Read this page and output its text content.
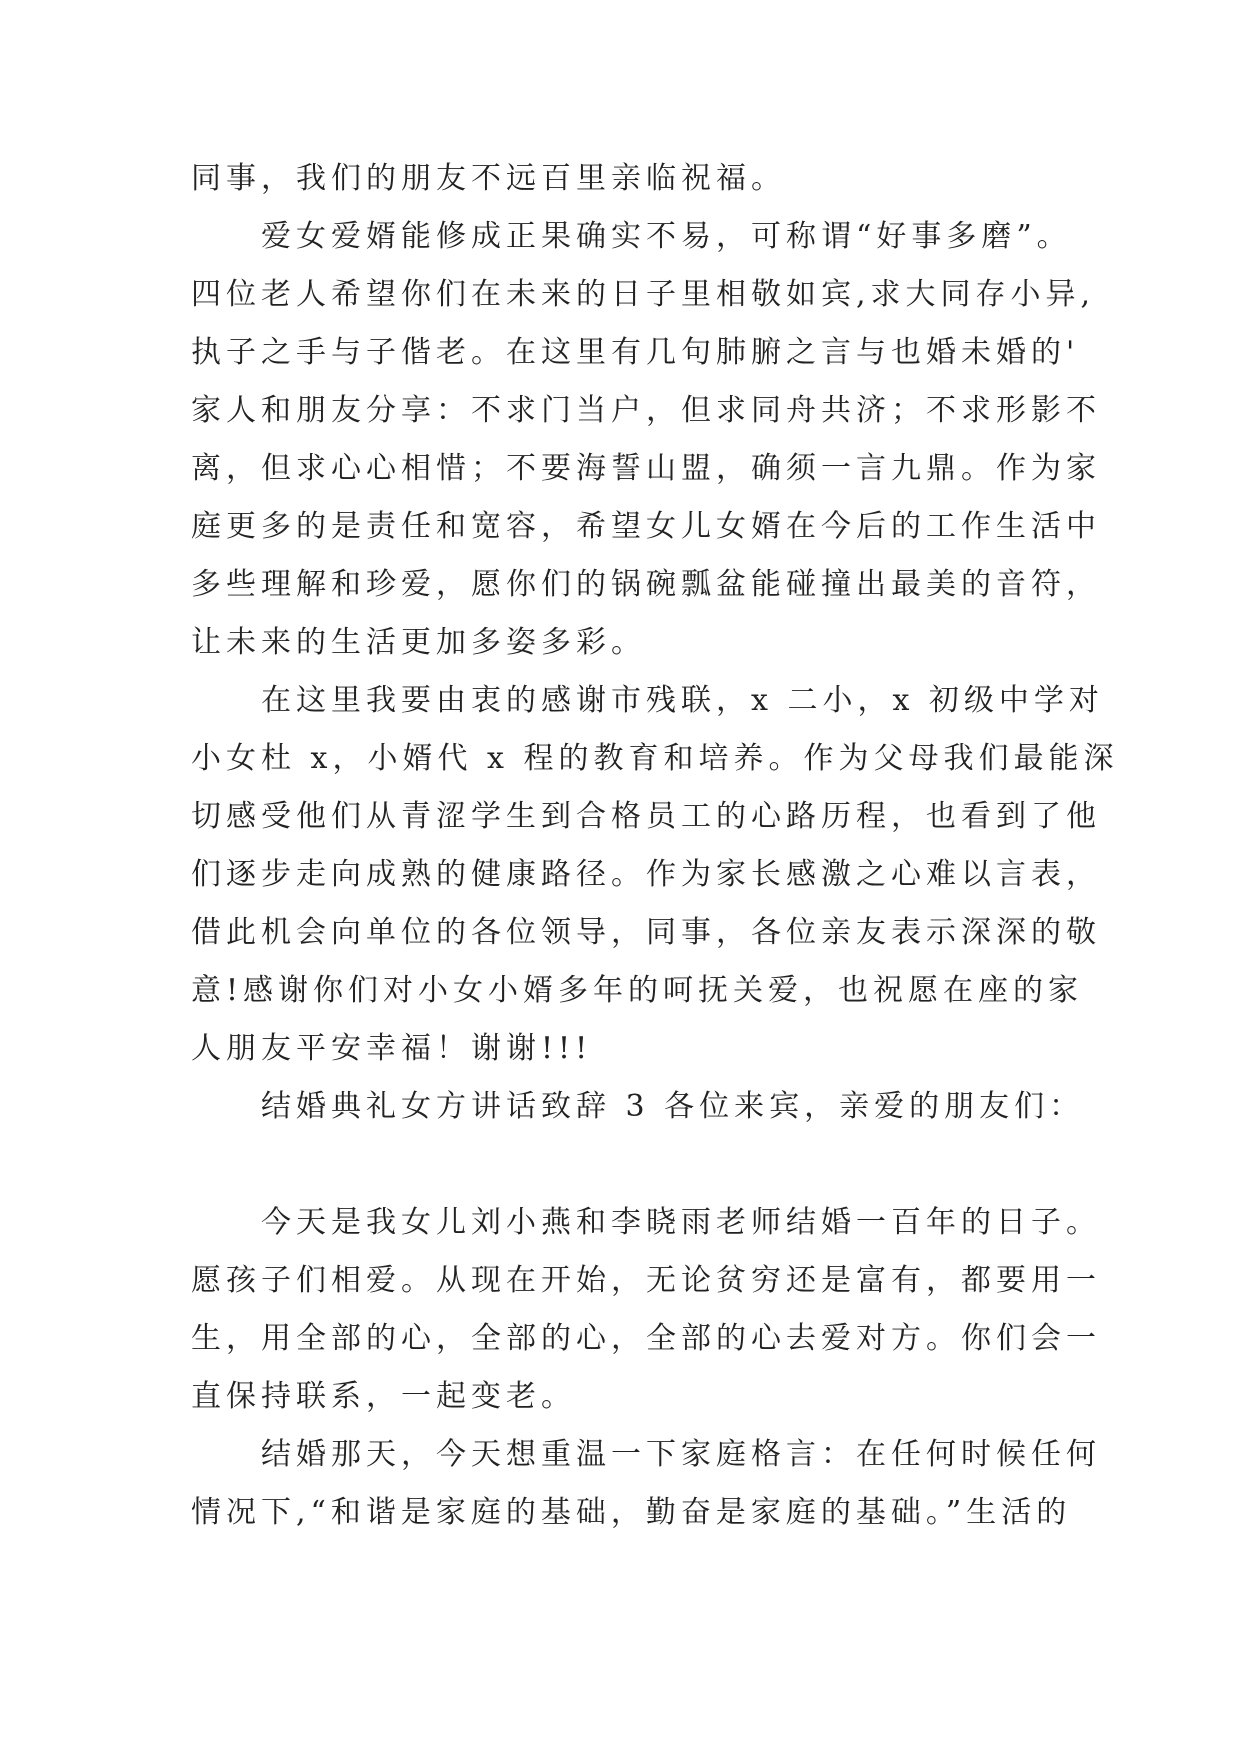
同事，我们的朋友不远百里亲临祝福。
　　爱女爱婿能修成正果确实不易，可称谓“好事多磨”。
四位老人希望你们在未来的日子里相敬如宾,求大同存小异,
执子之手与子偕老。在这里有几句肺腑之言与也婚未婚的'
家人和朋友分享：不求门当户，但求同舟共济；不求形影不
离，但求心心相惜；不要海誓山盟，确须一言九鼎。作为家
庭更多的是责任和宽容，希望女儿女婿在今后的工作生活中
多些理解和珍爱，愿你们的锅碗瓢盆能碰撞出最美的音符，
让未来的生活更加多姿多彩。
　　在这里我要由衷的感谢市残联，x 二小，x 初级中学对
小女杜 x，小婿代 x 程的教育和培养。作为父母我们最能深
切感受他们从青涩学生到合格员工的心路历程，也看到了他
们逐步走向成熟的健康路径。作为家长感激之心难以言表，
借此机会向单位的各位领导，同事，各位亲友表示深深的敬
意!感谢你们对小女小婿多年的呵抚关爱，也祝愿在座的家
人朋友平安幸福！谢谢!!!
　　结婚典礼女方讲话致辞 3 各位来宾，亲爱的朋友们：
　　今天是我女儿刘小燕和李晓雨老师结婚一百年的日子。
愿孩子们相爱。从现在开始，无论贫穷还是富有，都要用一
生，用全部的心，全部的心，全部的心去爱对方。你们会一
直保持联系，一起变老。
　　结婚那天，今天想重温一下家庭格言：在任何时候任何
情况下,“和谐是家庭的基础，勤奋是家庭的基础。”生活的
